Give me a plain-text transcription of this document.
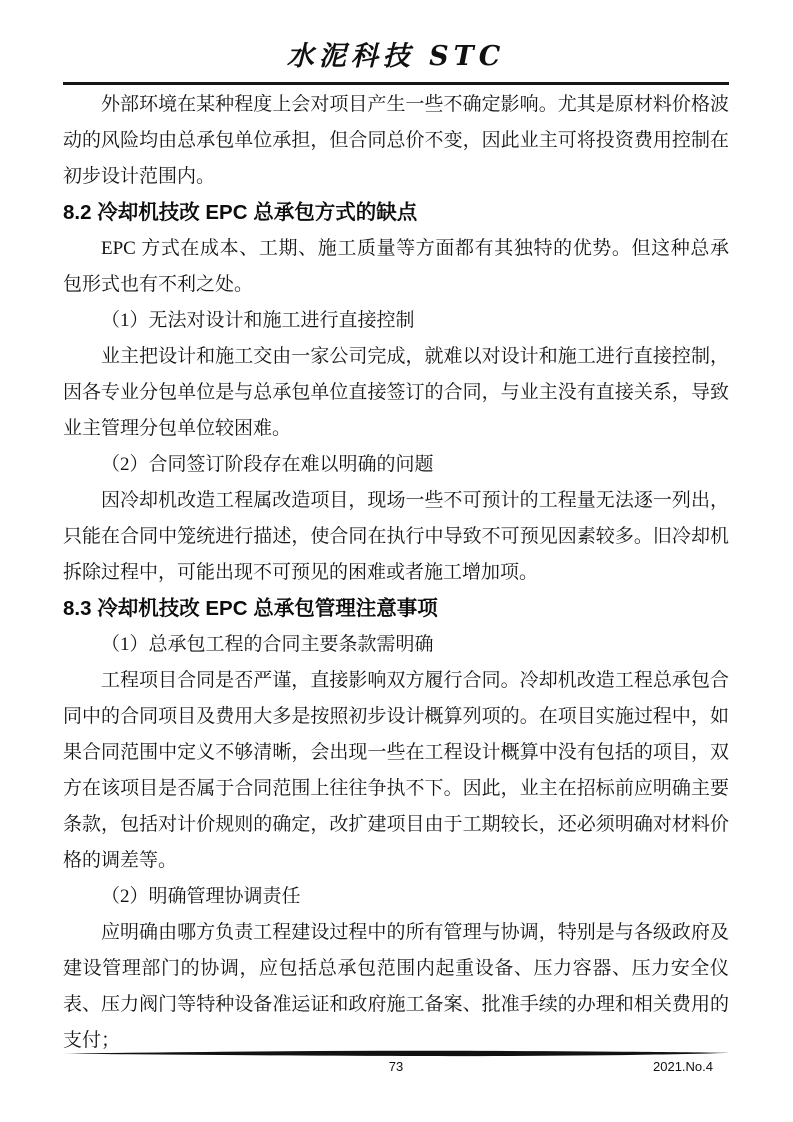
水泥科技 STC

外部环境在某种程度上会对项目产生一些不确定影响。尤其是原材料价格波动的风险均由总承包单位承担，但合同总价不变，因此业主可将投资费用控制在初步设计范围内。

8.2 冷却机技改 EPC 总承包方式的缺点

EPC 方式在成本、工期、施工质量等方面都有其独特的优势。但这种总承包形式也有不利之处。

（1）无法对设计和施工进行直接控制

业主把设计和施工交由一家公司完成，就难以对设计和施工进行直接控制，因各专业分包单位是与总承包单位直接签订的合同，与业主没有直接关系，导致业主管理分包单位较困难。

（2）合同签订阶段存在难以明确的问题

因冷却机改造工程属改造项目，现场一些不可预计的工程量无法逐一列出，只能在合同中笼统进行描述，使合同在执行中导致不可预见因素较多。旧冷却机拆除过程中，可能出现不可预见的困难或者施工增加项。

8.3 冷却机技改 EPC 总承包管理注意事项

（1）总承包工程的合同主要条款需明确

工程项目合同是否严谨，直接影响双方履行合同。冷却机改造工程总承包合同中的合同项目及费用大多是按照初步设计概算列项的。在项目实施过程中，如果合同范围中定义不够清晰，会出现一些在工程设计概算中没有包括的项目，双方在该项目是否属于合同范围上往往争执不下。因此，业主在招标前应明确主要条款，包括对计价规则的确定，改扩建项目由于工期较长，还必须明确对材料价格的调差等。

（2）明确管理协调责任

应明确由哪方负责工程建设过程中的所有管理与协调，特别是与各级政府及建设管理部门的协调，应包括总承包范围内起重设备、压力容器、压力安全仪表、压力阀门等特种设备准运证和政府施工备案、批准手续的办理和相关费用的支付；

73	2021.No.4
